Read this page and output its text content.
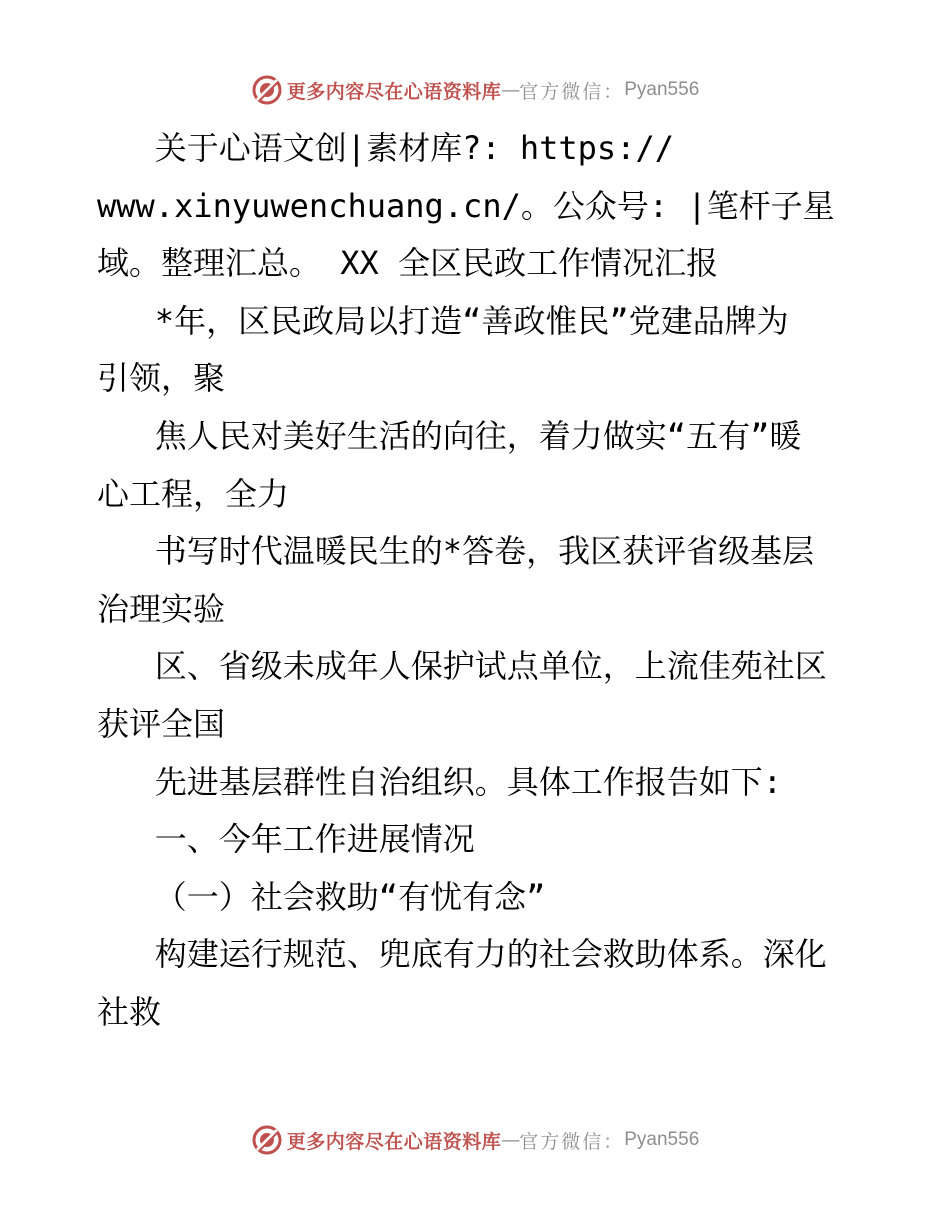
更多内容尽在心语资料库 — 官方微信： Pyan556
关于心语文创|素材库?: https://
www.xinyuwenchuang.cn/。公众号: |笔杆子星
域。整理汇总。 XX 全区民政工作情况汇报
*年，区民政局以打造“善政惟民”党建品牌为
引领，聚
焦人民对美好生活的向往，着力做实“五有”暖
心工程，全力
书写时代温暖民生的*答卷，我区获评省级基层
治理实验
区、省级未成年人保护试点单位，上流佳苑社区
获评全国
先进基层群性自治组织。具体工作报告如下:
一、今年工作进展情况
（一）社会救助“有忧有念”
构建运行规范、兜底有力的社会救助体系。深化
社救
更多内容尽在心语资料库 — 官方微信： Pyan556
